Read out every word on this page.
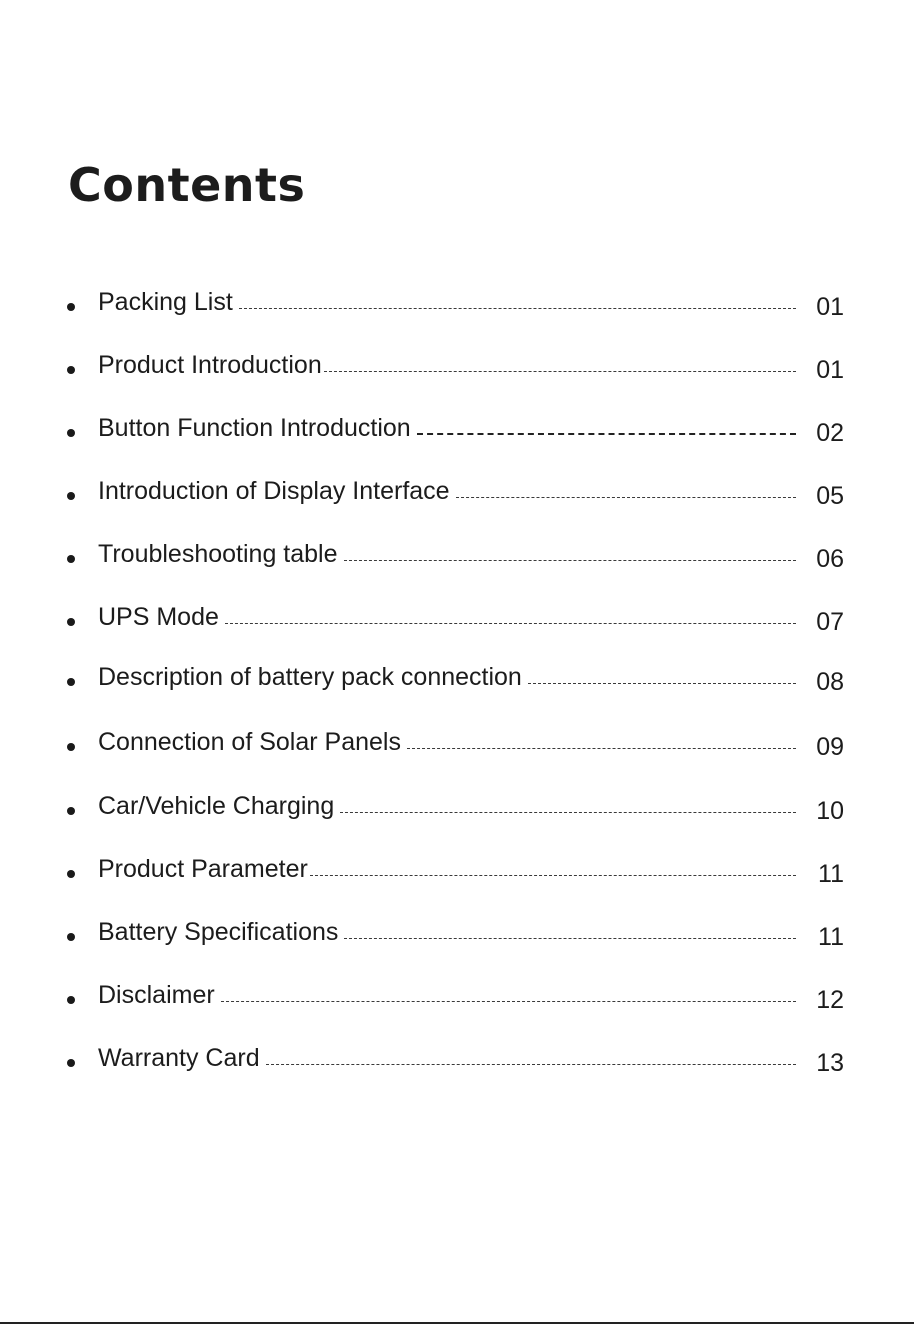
Contents
Packing List	01
Product Introduction	01
Button Function Introduction	02
Introduction of Display Interface	05
Troubleshooting table	06
UPS Mode	07
Description of battery pack connection	08
Connection of Solar Panels	09
Car/Vehicle Charging	10
Product Parameter	11
Battery Specifications	11
Disclaimer	12
Warranty Card	13
